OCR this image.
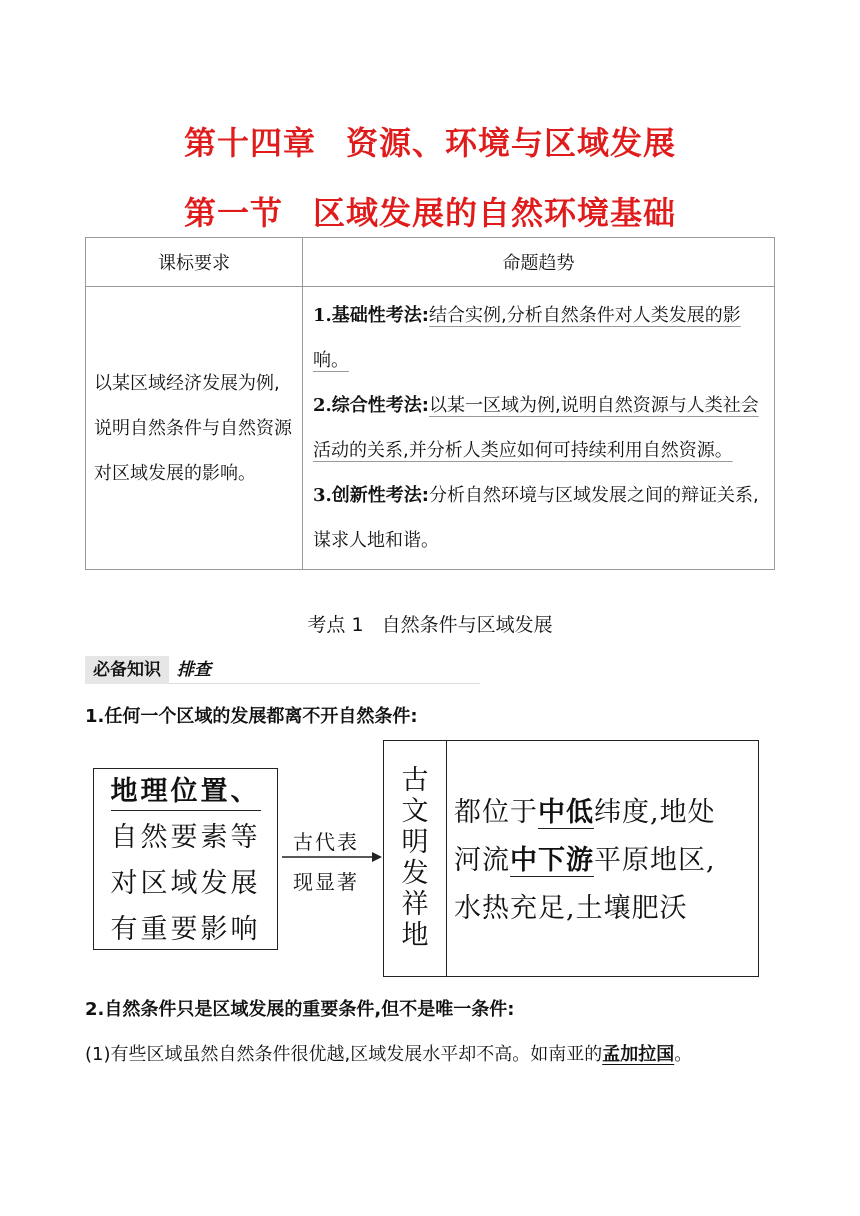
第十四章 资源、环境与区域发展
第一节 区域发展的自然环境基础
课标要求	命题趋势
以某区域经济发展为例,说明自然条件与自然资源对区域发展的影响。	1.基础性考法:结合实例,分析自然条件对人类发展的影响。
2.综合性考法:以某一区域为例,说明自然资源与人类社会活动的关系,并分析人类应如何可持续利用自然资源。
3.创新性考法:分析自然环境与区域发展之间的辩证关系,谋求人地和谐。
考点 1 自然条件与区域发展
必备知识 排查
1.任何一个区域的发展都离不开自然条件:
地理位置、
自然要素等
对区域发展
有重要影响
古代表
现显著
古
文
明
发
祥
地
都位于中低纬度,地处
河流中下游平原地区,
水热充足,土壤肥沃
2.自然条件只是区域发展的重要条件,但不是唯一条件:
(1)有些区域虽然自然条件很优越,区域发展水平却不高。如南亚的孟加拉国。
